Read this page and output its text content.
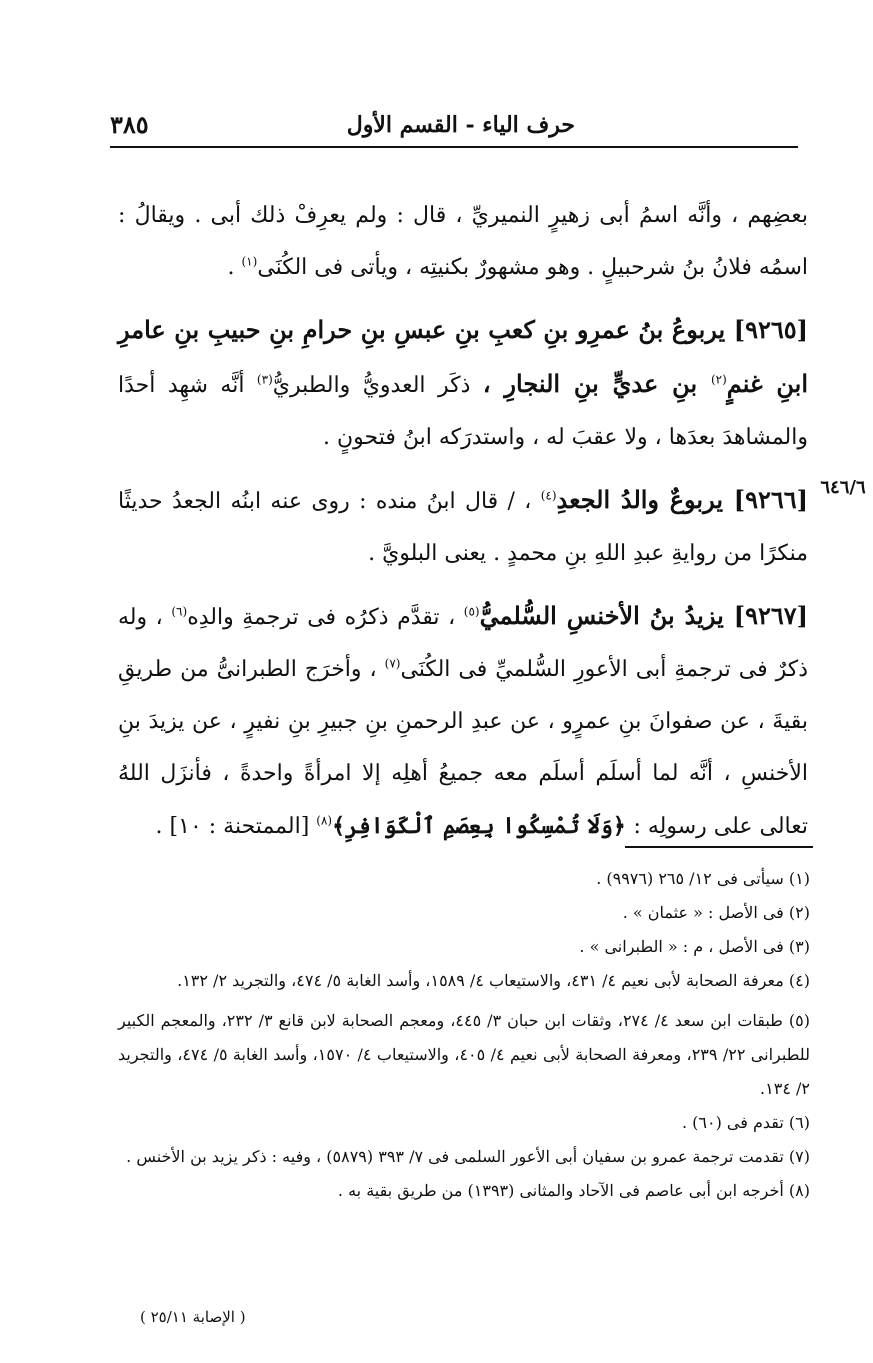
حرف الياء - القسم الأول
٣٨٥

بعضِهم ، وأنَّه اسمُ أبى زهيرٍ النميريِّ ، قال : ولم يعرِفْ ذلك أبى . ويقالُ : اسمُه فلانُ بنُ شرحبيلٍ . وهو مشهورٌ بكنيتِه ، ويأتى فى الكُنَى$^{(١)}$ .

[٩٢٦٥] يربوعُ بنُ عمرِو بنِ كعبِ بنِ عبسِ بنِ حرامِ بنِ حبيبِ بنِ عامرِ ابنِ غنمٍ$^{(٢)}$ بنِ عديٍّ بنِ النجارِ ، ذكَر العدويُّ والطبريُّ$^{(٣)}$ أنَّه شهِد أحدًا والمشاهدَ بعدَها ، ولا عقبَ له ، واستدرَكه ابنُ فتحونٍ .

[٩٢٦٦] يربوعٌ والدُ الجعدِ$^{(٤)}$ ، / قال ابنُ منده : روى عنه ابنُه الجعدُ حديثًا منكرًا من روايةِ عبدِ اللهِ بنِ محمدٍ . يعنى البلويَّ .

[٩٢٦٧] يزيدُ بنُ الأخنسِ السُّلميُّ$^{(٥)}$ ، تقدَّم ذكرُه فى ترجمةِ والدِه$^{(٦)}$ ، وله ذكرٌ فى ترجمةِ أبى الأعورِ السُّلميِّ فى الكُنَى$^{(٧)}$ ، وأخرَج الطبرانىُّ من طريقِ بقيةَ ، عن صفوانَ بنِ عمرٍو ، عن عبدِ الرحمنِ بنِ جبيرِ بنِ نفيرٍ ، عن يزيدَ بنِ الأخنسِ ، أنَّه لما أسلَم أسلَم معه جميعُ أهلِه إلا امرأةً واحدةً ، فأنزَل اللهُ تعالى على رسولِه : ﴿وَلَا تُمْسِكُوا بِعِصَمِ ٱلْكَوَافِرِ﴾$^{(٨)}$ [الممتحنة : ١٠] .

٦٤٦/٦

(١) سيأتى فى ١٢/ ٢٦٥ (٩٩٧٦) .

(٢) فى الأصل : « عثمان » .

(٣) فى الأصل ، م : « الطبرانى » .

(٤) معرفة الصحابة لأبى نعيم ٤/ ٤٣١، والاستيعاب ٤/ ١٥٨٩، وأسد الغابة ٥/ ٤٧٤، والتجريد ٢/ ١٣٢.

(٥) طبقات ابن سعد ٤/ ٢٧٤، وثقات ابن حبان ٣/ ٤٤٥، ومعجم الصحابة لابن قانع ٣/ ٢٣٢، والمعجم الكبير للطبرانى ٢٢/ ٢٣٩، ومعرفة الصحابة لأبى نعيم ٤/ ٤٠٥، والاستيعاب ٤/ ١٥٧٠، وأسد الغابة ٥/ ٤٧٤، والتجريد ٢/ ١٣٤.

(٦) تقدم فى (٦٠) .

(٧) تقدمت ترجمة عمرو بن سفيان أبى الأعور السلمى فى ٧/ ٣٩٣ (٥٨٧٩) ، وفيه : ذكر يزيد بن الأخنس .

(٨) أخرجه ابن أبى عاصم فى الآحاد والمثانى (١٣٩٣) من طريق بقية به .

( الإصابة ٢٥/١١ )
